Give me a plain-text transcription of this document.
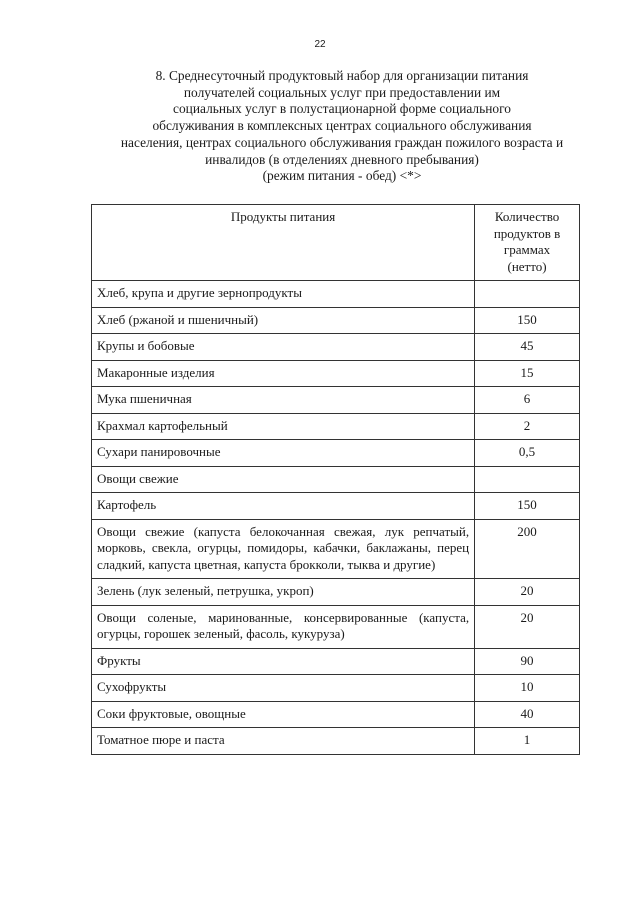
22
8. Среднесуточный продуктовый набор для организации питания
получателей социальных услуг при предоставлении им
социальных услуг в полустационарной форме социального
обслуживания в комплексных центрах социального обслуживания
населения, центрах социального обслуживания граждан пожилого возраста и
инвалидов (в отделениях дневного пребывания)
(режим питания - обед) <*>
Продукты питания	Количество
продуктов в
граммах
(нетто)

Хлеб, крупа и другие зернопродукты	
Хлеб (ржаной и пшеничный)	150
Крупы и бобовые	45
Макаронные изделия	15
Мука пшеничная	6
Крахмал картофельный	2
Сухари панировочные	0,5
Овощи свежие	
Картофель	150
Овощи свежие (капуста белокочанная свежая, лук репчатый, морковь, свекла, огурцы, помидоры, кабачки, баклажаны, перец сладкий, капуста цветная, капуста брокколи, тыква и другие)	200
Зелень (лук зеленый, петрушка, укроп)	20
Овощи соленые, маринованные, консервированные (капуста, огурцы, горошек зеленый, фасоль, кукуруза)	20
Фрукты	90
Сухофрукты	10
Соки фруктовые, овощные	40
Томатное пюре и паста	1
